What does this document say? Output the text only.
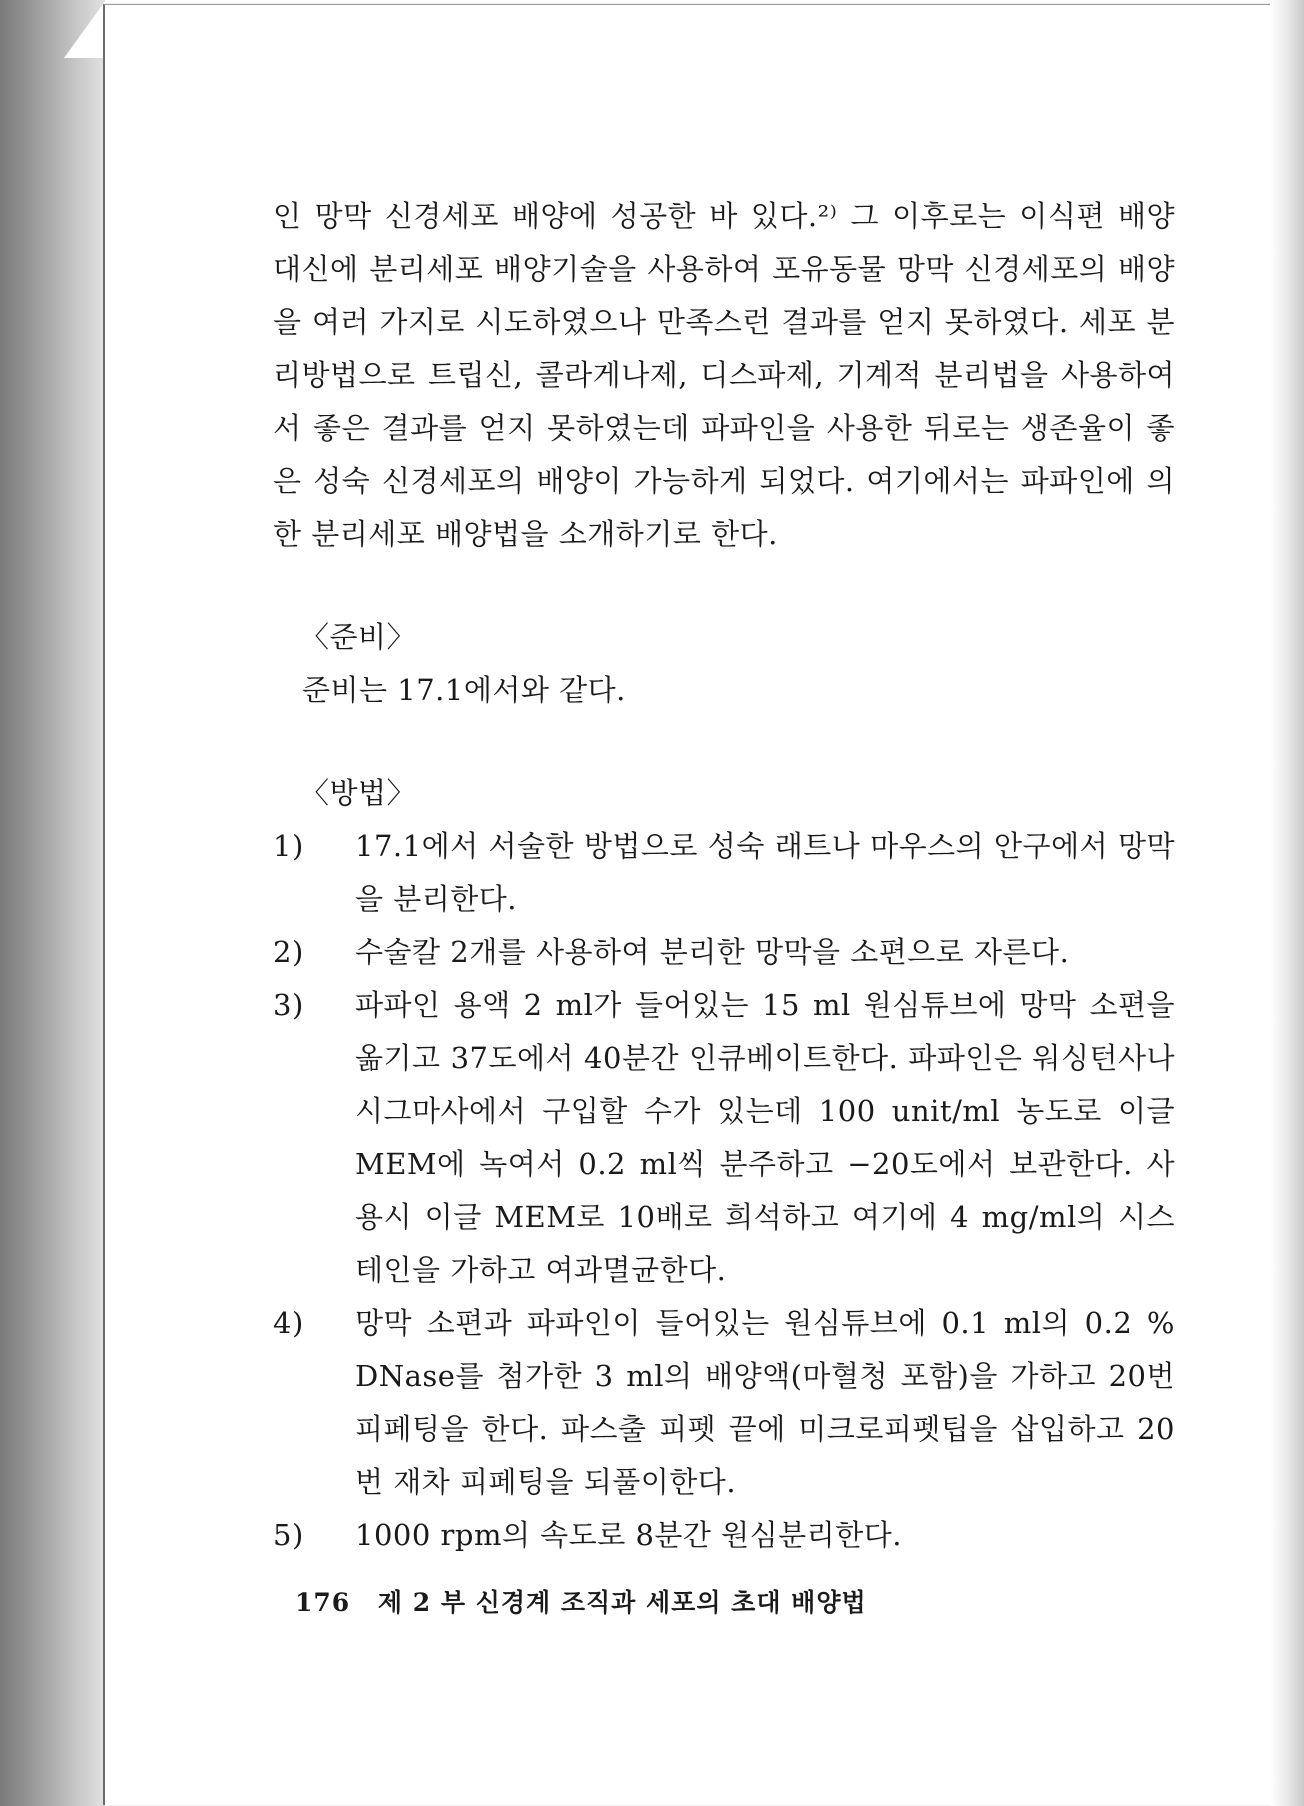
인 망막 신경세포 배양에 성공한 바 있다.²⁾ 그 이후로는 이식편 배양 대신에 분리세포 배양기술을 사용하여 포유동물 망막 신경세포의 배양을 여러 가지로 시도하였으나 만족스런 결과를 얻지 못하였다. 세포 분리방법으로 트립신, 콜라게나제, 디스파제, 기계적 분리법을 사용하여서 좋은 결과를 얻지 못하였는데 파파인을 사용한 뒤로는 생존율이 좋은 성숙 신경세포의 배양이 가능하게 되었다. 여기에서는 파파인에 의한 분리세포 배양법을 소개하기로 한다.

〈준비〉

준비는 17.1에서와 같다.

〈방법〉
1)	17.1에서 서술한 방법으로 성숙 래트나 마우스의 안구에서 망막을 분리한다.
2)	수술칼 2개를 사용하여 분리한 망막을 소편으로 자른다.
3)	파파인 용액 2 ml가 들어있는 15 ml 원심튜브에 망막 소편을 옮기고 37도에서 40분간 인큐베이트한다. 파파인은 워싱턴사나 시그마사에서 구입할 수가 있는데 100 unit/ml 농도로 이글 MEM에 녹여서 0.2 ml씩 분주하고 −20도에서 보관한다. 사용시 이글 MEM로 10배로 희석하고 여기에 4 mg/ml의 시스테인을 가하고 여과멸균한다.
4)	망막 소편과 파파인이 들어있는 원심튜브에 0.1 ml의 0.2 % DNase를 첨가한 3 ml의 배양액(마혈청 포함)을 가하고 20번 피페팅을 한다. 파스출 피펫 끝에 미크로피펫팁을 삽입하고 20번 재차 피페팅을 되풀이한다.
5)	1000 rpm의 속도로 8분간 원심분리한다.
176 제 2 부 신경계 조직과 세포의 초대 배양법
